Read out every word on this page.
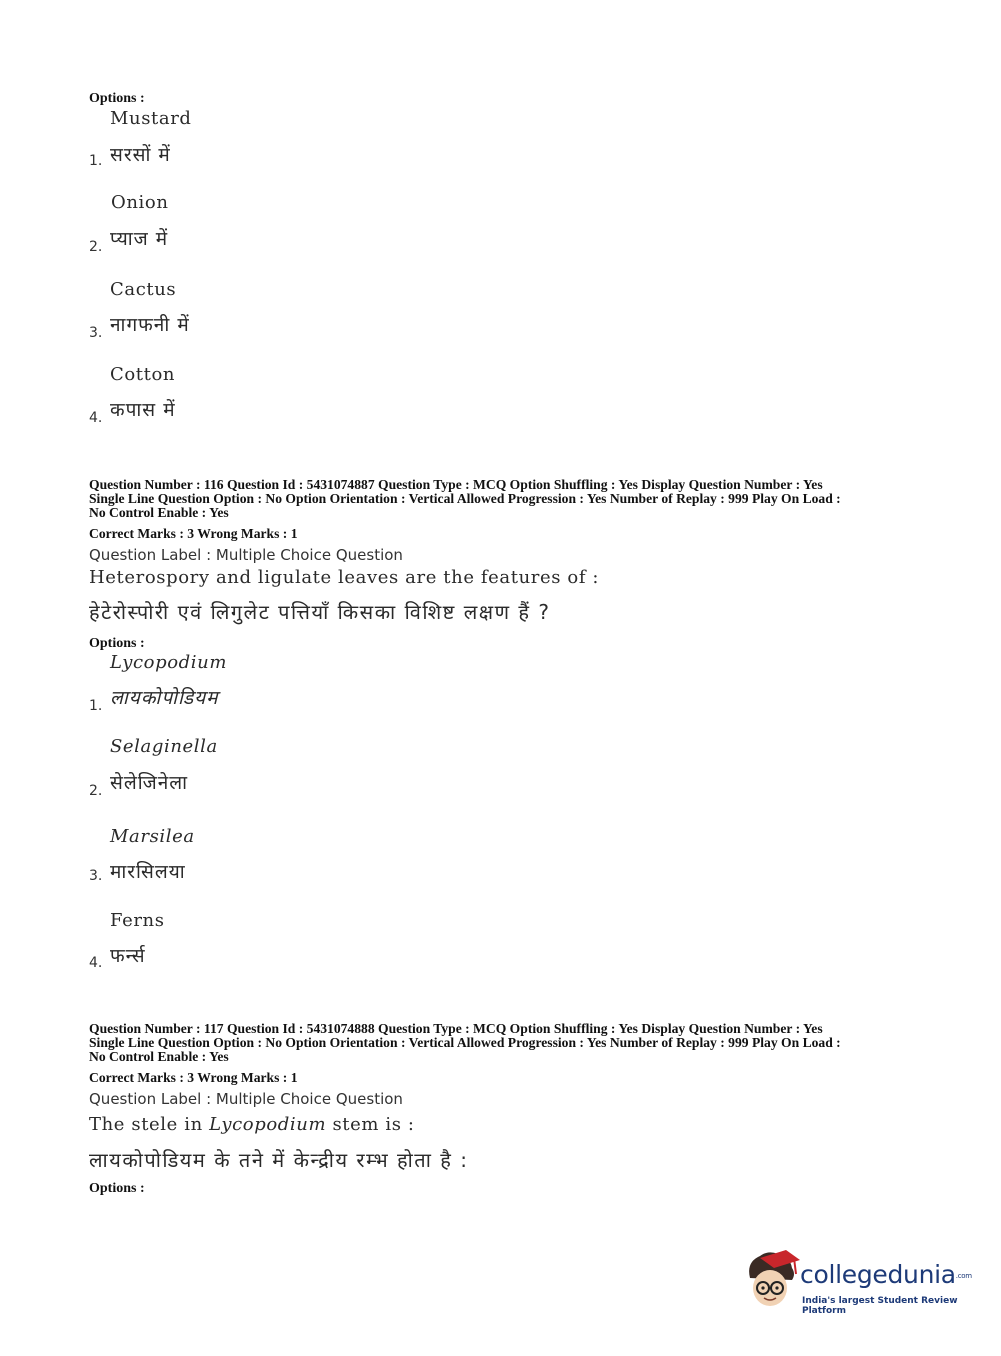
Options :
Mustard
1. सरसों में
Onion
2. प्याज में
Cactus
3. नागफनी में
Cotton
4. कपास में
Question Number : 116 Question Id : 5431074887 Question Type : MCQ Option Shuffling : Yes Display Question Number : Yes
Single Line Question Option : No Option Orientation : Vertical Allowed Progression : Yes Number of Replay : 999 Play On Load :
No Control Enable : Yes
Correct Marks : 3 Wrong Marks : 1
Question Label : Multiple Choice Question
Heterospory and ligulate leaves are the features of :
हेटेरोस्पोरी एवं लिगुलेट पत्तियाँ किसका विशिष्ट लक्षण हैं ?
Options :
Lycopodium
1. लायकोपोडियम
Selaginella
2. सेलेजिनेला
Marsilea
3. मारसिलया
Ferns
4. फर्न्स
Question Number : 117 Question Id : 5431074888 Question Type : MCQ Option Shuffling : Yes Display Question Number : Yes
Single Line Question Option : No Option Orientation : Vertical Allowed Progression : Yes Number of Replay : 999 Play On Load :
No Control Enable : Yes
Correct Marks : 3 Wrong Marks : 1
Question Label : Multiple Choice Question
The stele in Lycopodium stem is :
लायकोपोडियम के तने में केन्द्रीय रम्भ होता है :
Options :
collegedunia.com
India's largest Student Review Platform
